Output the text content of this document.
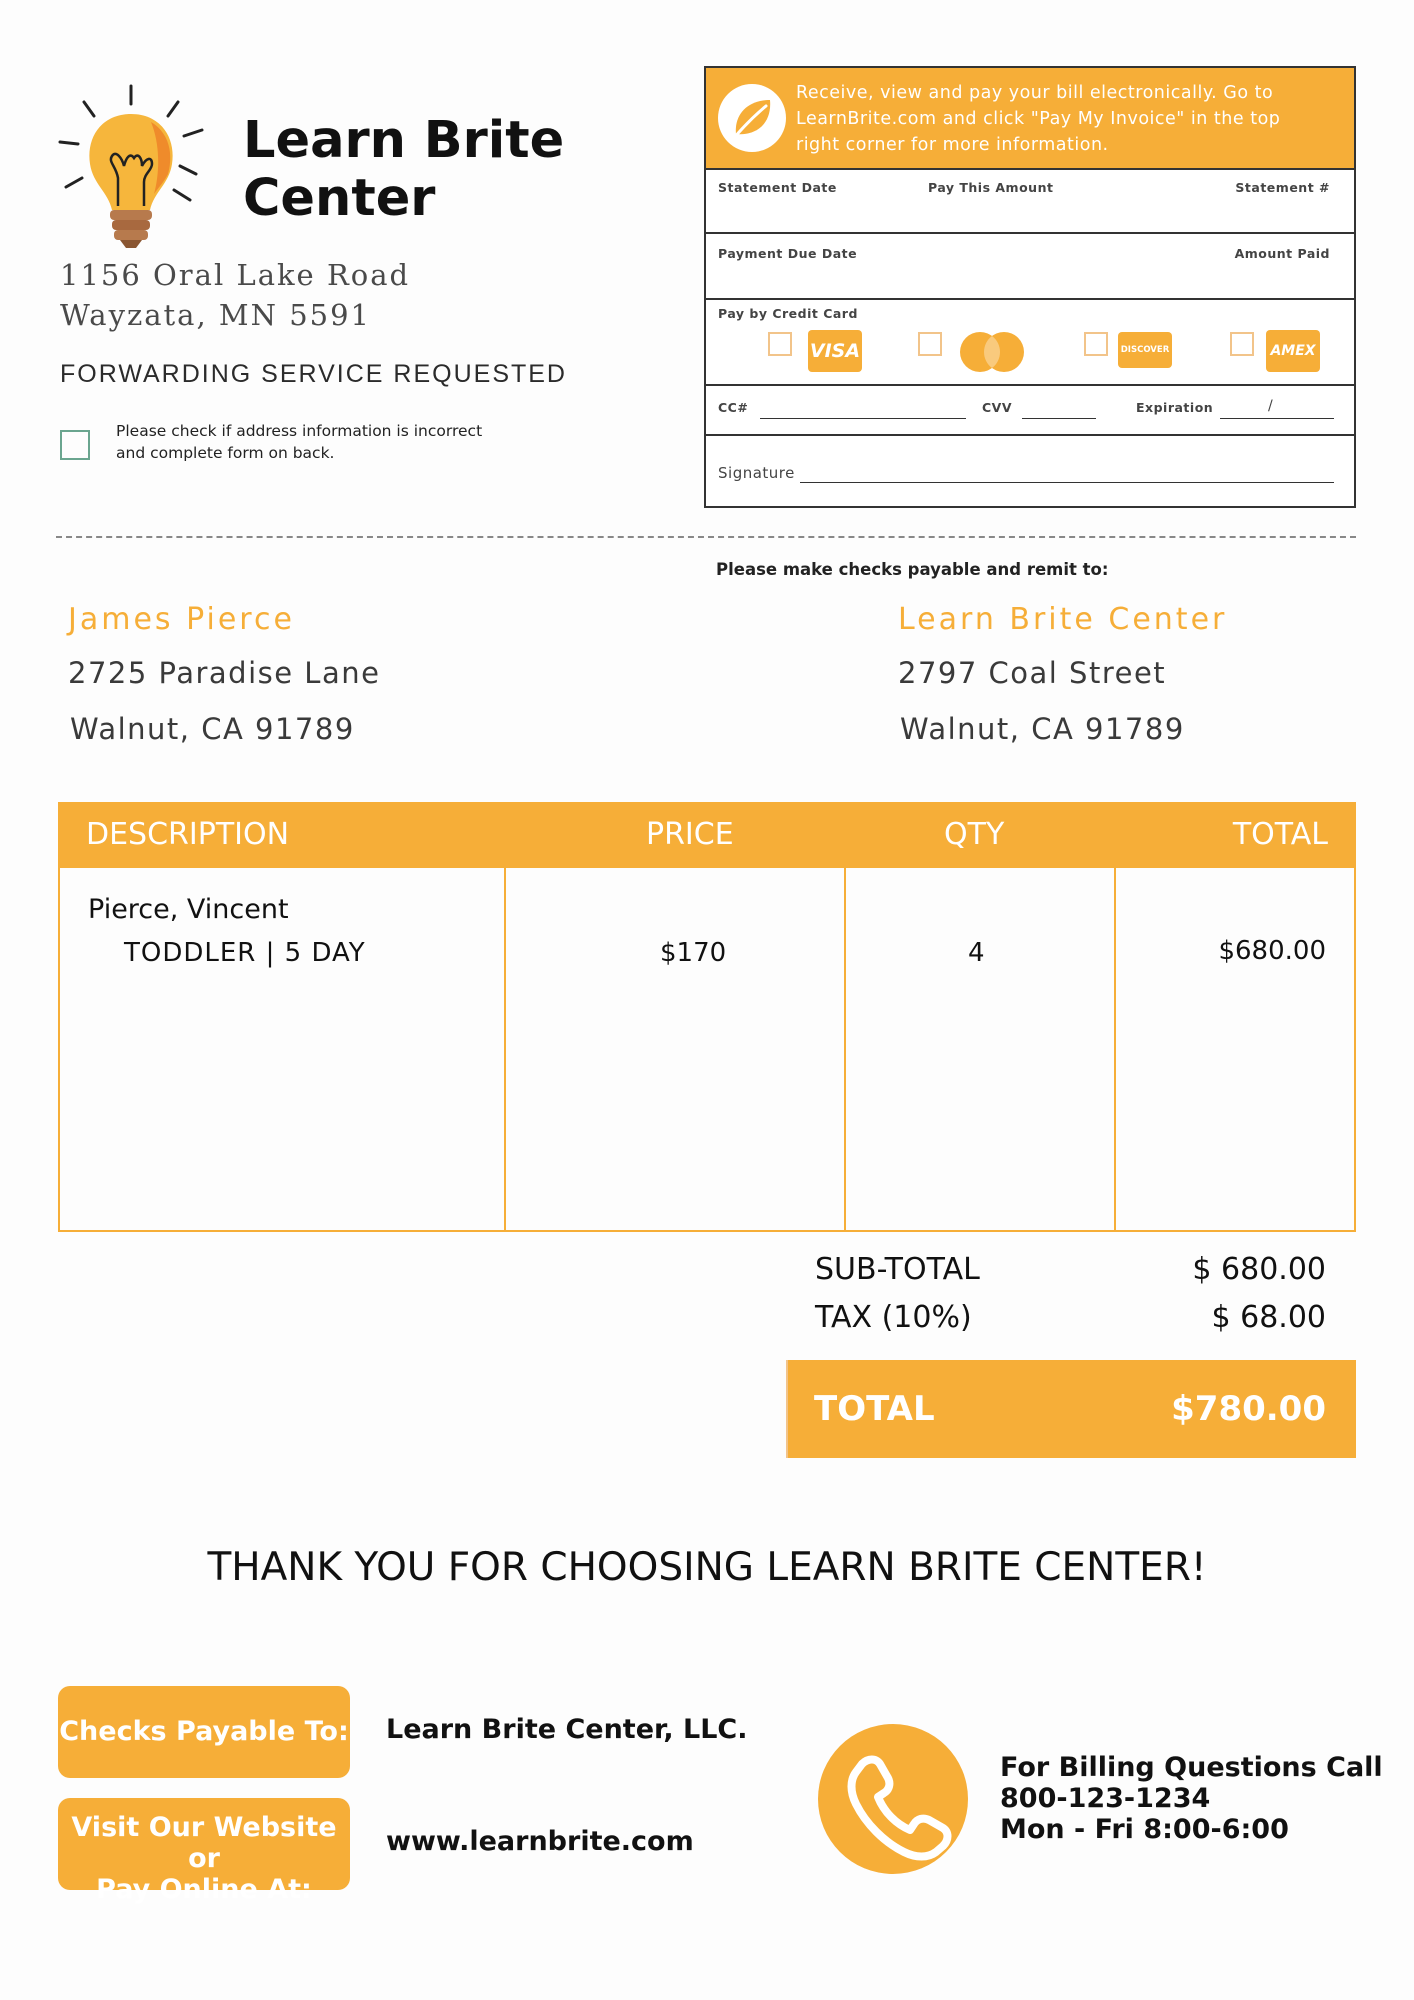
Learn Brite
Center
1156 Oral Lake Road
Wayzata, MN 5591
FORWARDING SERVICE REQUESTED
Please check if address information is incorrect
and complete form on back.
Receive, view and pay your bill electronically. Go to
LearnBrite.com and click "Pay My Invoice" in the top
right corner for more information.
Statement Date	Pay This Amount	Statement #
Payment Due Date	Amount Paid
Pay by Credit Card
VISA	DISCOVER	AMEX
CC#	CVV	Expiration	/
Signature
Please make checks payable and remit to:
James Pierce
2725 Paradise Lane
Walnut, CA 91789
Learn Brite Center
2797 Coal Street
Walnut, CA 91789
DESCRIPTION	PRICE	QTY	TOTAL
Pierce, Vincent
TODDLER | 5 DAY	$170	4	$680.00
SUB-TOTAL	$ 680.00
TAX (10%)	$ 68.00
TOTAL	$780.00
THANK YOU FOR CHOOSING LEARN BRITE CENTER!
Checks Payable To: Learn Brite Center, LLC.
Visit Our Website or
Pay Online At:
www.learnbrite.com
For Billing Questions Call
800-123-1234
Mon - Fri 8:00-6:00
